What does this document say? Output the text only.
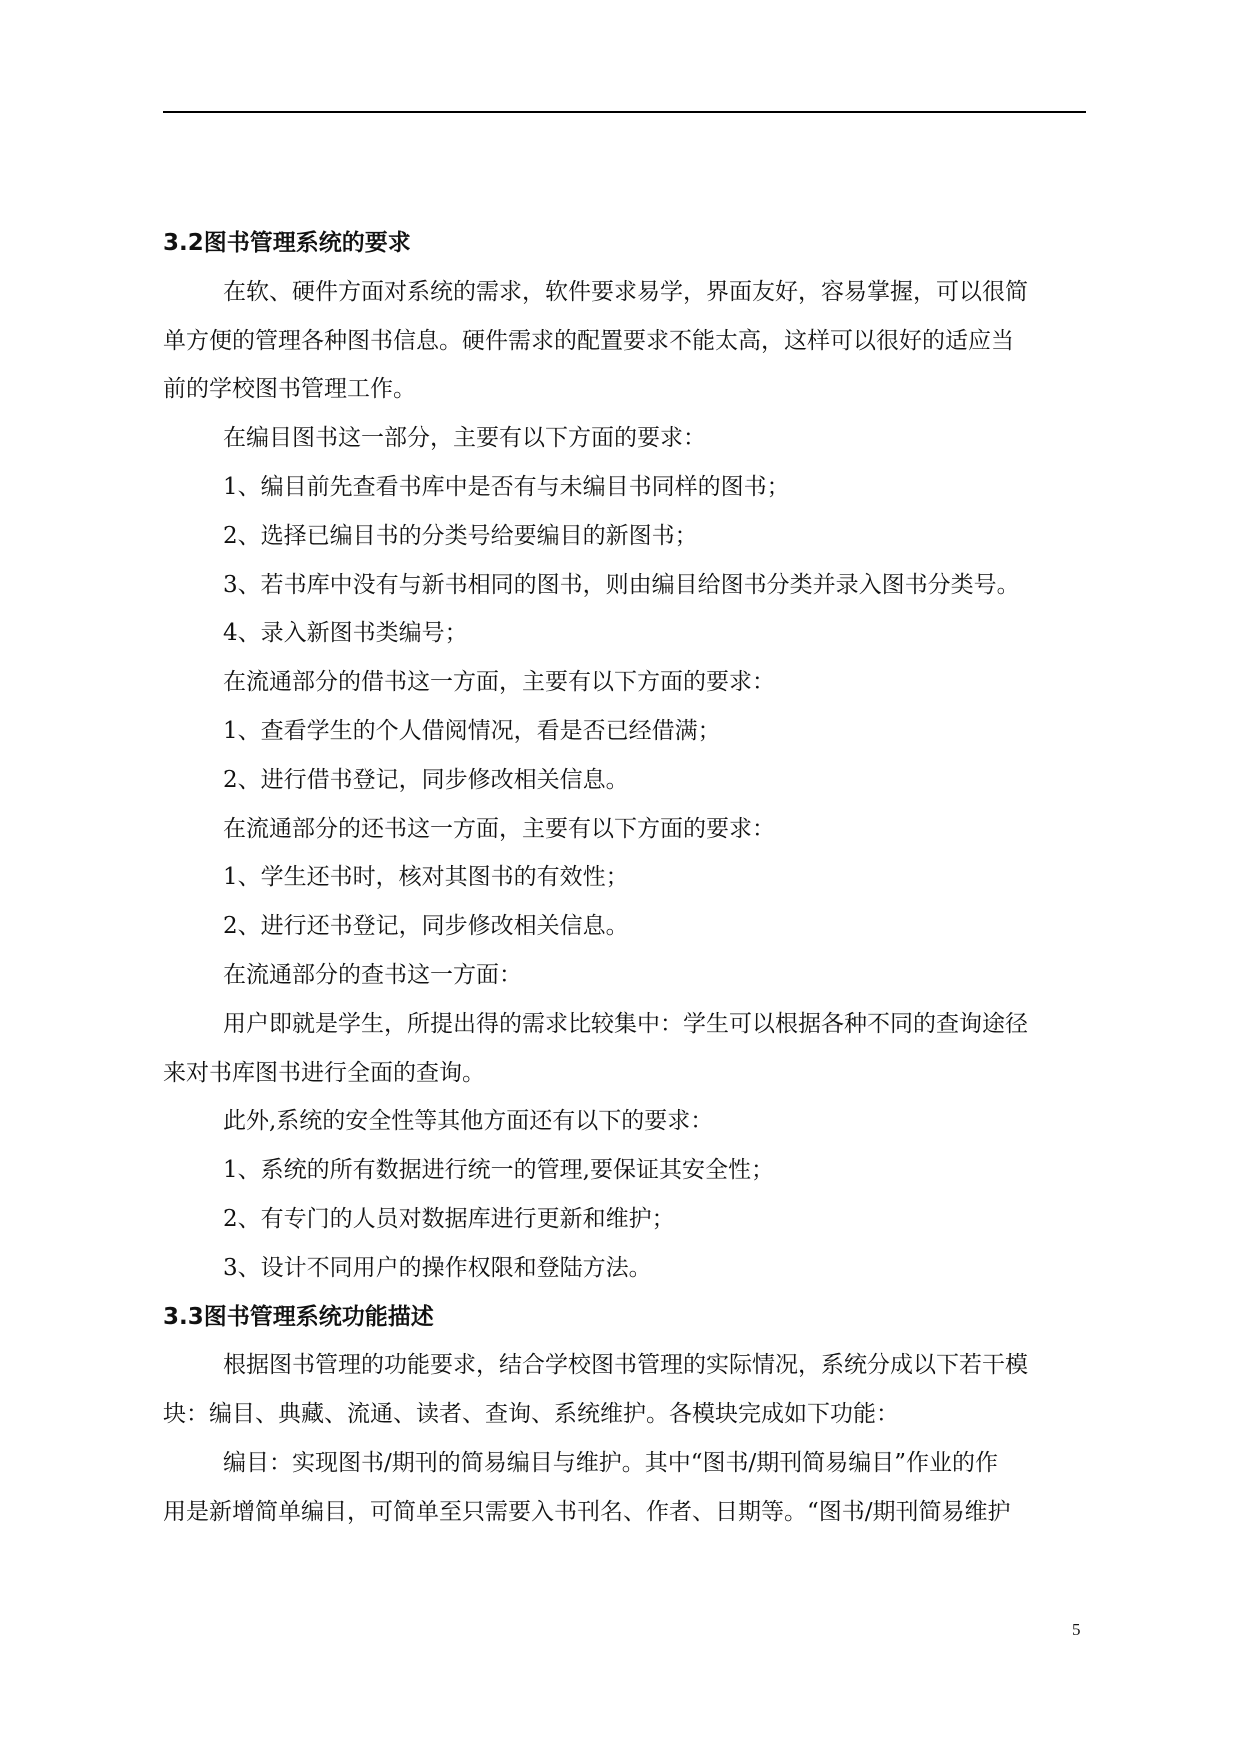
3.2图书管理系统的要求
在软、硬件方面对系统的需求，软件要求易学，界面友好，容易掌握，可以很简
单方便的管理各种图书信息。硬件需求的配置要求不能太高，这样可以很好的适应当
前的学校图书管理工作。
在编目图书这一部分，主要有以下方面的要求：
1、编目前先查看书库中是否有与未编目书同样的图书；
2、选择已编目书的分类号给要编目的新图书；
3、若书库中没有与新书相同的图书，则由编目给图书分类并录入图书分类号。
4、录入新图书类编号；
在流通部分的借书这一方面，主要有以下方面的要求：
1、查看学生的个人借阅情况，看是否已经借满；
2、进行借书登记，同步修改相关信息。
在流通部分的还书这一方面，主要有以下方面的要求：
1、学生还书时，核对其图书的有效性；
2、进行还书登记，同步修改相关信息。
在流通部分的查书这一方面：
用户即就是学生，所提出得的需求比较集中：学生可以根据各种不同的查询途径
来对书库图书进行全面的查询。
此外,系统的安全性等其他方面还有以下的要求：
1、系统的所有数据进行统一的管理,要保证其安全性；
2、有专门的人员对数据库进行更新和维护；
3、设计不同用户的操作权限和登陆方法。
3.3图书管理系统功能描述
根据图书管理的功能要求，结合学校图书管理的实际情况，系统分成以下若干模
块：编目、典藏、流通、读者、查询、系统维护。各模块完成如下功能：
编目：实现图书/期刊的简易编目与维护。其中“图书/期刊简易编目”作业的作
用是新增简单编目，可简单至只需要入书刊名、作者、日期等。“图书/期刊简易维护
5
